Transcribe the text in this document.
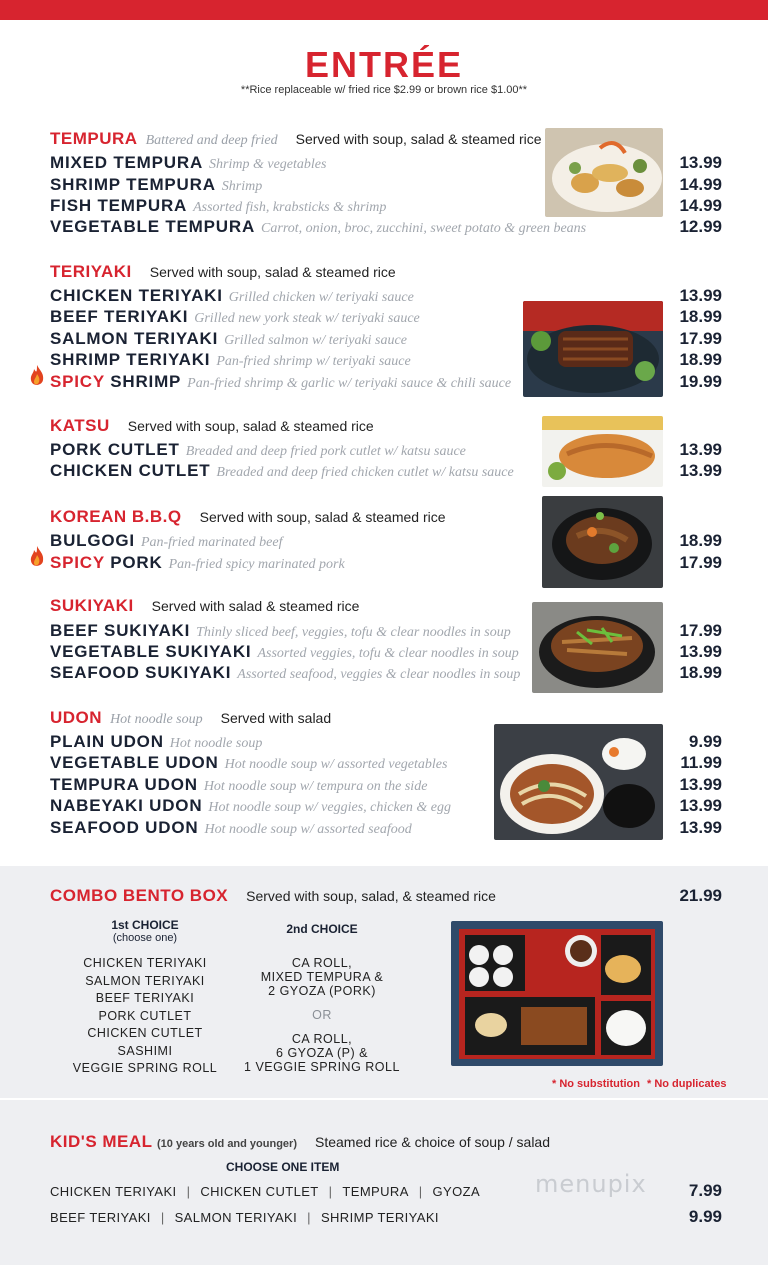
ENTRÉE
**Rice replaceable w/ fried rice $2.99 or brown rice $1.00**
TEMPURA Battered and deep fried Served with soup, salad & steamed rice
MIXED TEMPURA Shrimp & vegetables	13.99
SHRIMP TEMPURA Shrimp	14.99
FISH TEMPURA Assorted fish, krabsticks & shrimp	14.99
VEGETABLE TEMPURA Carrot, onion, broc, zucchini, sweet potato & green beans	12.99
TERIYAKI Served with soup, salad & steamed rice
CHICKEN TERIYAKI Grilled chicken w/ teriyaki sauce	13.99
BEEF TERIYAKI Grilled new york steak w/ teriyaki sauce	18.99
SALMON TERIYAKI Grilled salmon w/ teriyaki sauce	17.99
SHRIMP TERIYAKI Pan-fried shrimp w/ teriyaki sauce	18.99
SPICY SHRIMP Pan-fried shrimp & garlic w/ teriyaki sauce & chili sauce	19.99
KATSU Served with soup, salad & steamed rice
PORK CUTLET Breaded and deep fried pork cutlet w/ katsu sauce	13.99
CHICKEN CUTLET Breaded and deep fried chicken cutlet w/ katsu sauce	13.99
KOREAN B.B.Q Served with soup, salad & steamed rice
BULGOGI Pan-fried marinated beef	18.99
SPICY PORK Pan-fried spicy marinated pork	17.99
SUKIYAKI Served with salad & steamed rice
BEEF SUKIYAKI Thinly sliced beef, veggies, tofu & clear noodles in soup	17.99
VEGETABLE SUKIYAKI Assorted veggies, tofu & clear noodles in soup	13.99
SEAFOOD SUKIYAKI Assorted seafood, veggies & clear noodles in soup	18.99
UDON Hot noodle soup Served with salad
PLAIN UDON Hot noodle soup	9.99
VEGETABLE UDON Hot noodle soup w/ assorted vegetables	11.99
TEMPURA UDON Hot noodle soup w/ tempura on the side	13.99
NABEYAKI UDON Hot noodle soup w/ veggies, chicken & egg	13.99
SEAFOOD UDON Hot noodle soup w/ assorted seafood	13.99
COMBO BENTO BOX Served with soup, salad, & steamed rice	21.99
1st CHOICE
(choose one)
CHICKEN TERIYAKI
SALMON TERIYAKI
BEEF TERIYAKI
PORK CUTLET
CHICKEN CUTLET
SASHIMI
VEGGIE SPRING ROLL
2nd CHOICE
CA ROLL,
MIXED TEMPURA &
2 GYOZA (PORK)
OR
CA ROLL,
6 GYOZA (P) &
1 VEGGIE SPRING ROLL
* No substitution * No duplicates
KID'S MEAL (10 years old and younger) Steamed rice & choice of soup / salad
CHOOSE ONE ITEM
CHICKEN TERIYAKI | CHICKEN CUTLET | TEMPURA | GYOZA	7.99
BEEF TERIYAKI | SALMON TERIYAKI | SHRIMP TERIYAKI	9.99
menupix
